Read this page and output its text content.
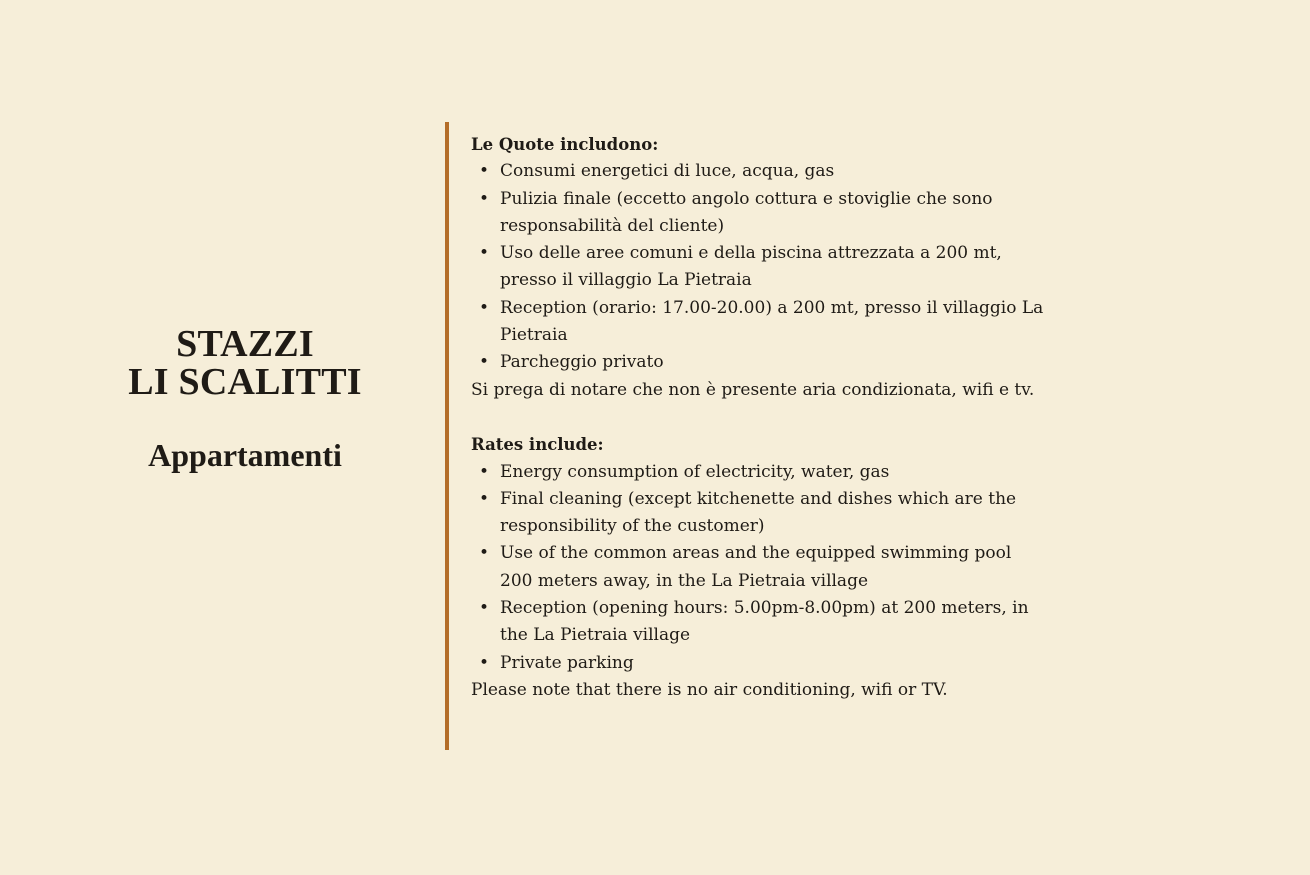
STAZZI
LI SCALITTI
Appartamenti

Le Quote includono:

• Consumi energetici di luce, acqua, gas
• Pulizia finale (eccetto angolo cottura e stoviglie che sono responsabilità del cliente)
• Uso delle aree comuni e della piscina attrezzata a 200 mt, presso il villaggio La Pietraia
• Reception (orario: 17.00-20.00) a 200 mt, presso il villaggio La Pietraia
• Parcheggio privato

Si prega di notare che non è presente aria condizionata, wifi e tv.

Rates include:

• Energy consumption of electricity, water, gas
• Final cleaning (except kitchenette and dishes which are the responsibility of the customer)
• Use of the common areas and the equipped swimming pool 200 meters away, in the La Pietraia village
• Reception (opening hours: 5.00pm-8.00pm) at 200 meters, in the La Pietraia village
• Private parking

Please note that there is no air conditioning, wifi or TV.
